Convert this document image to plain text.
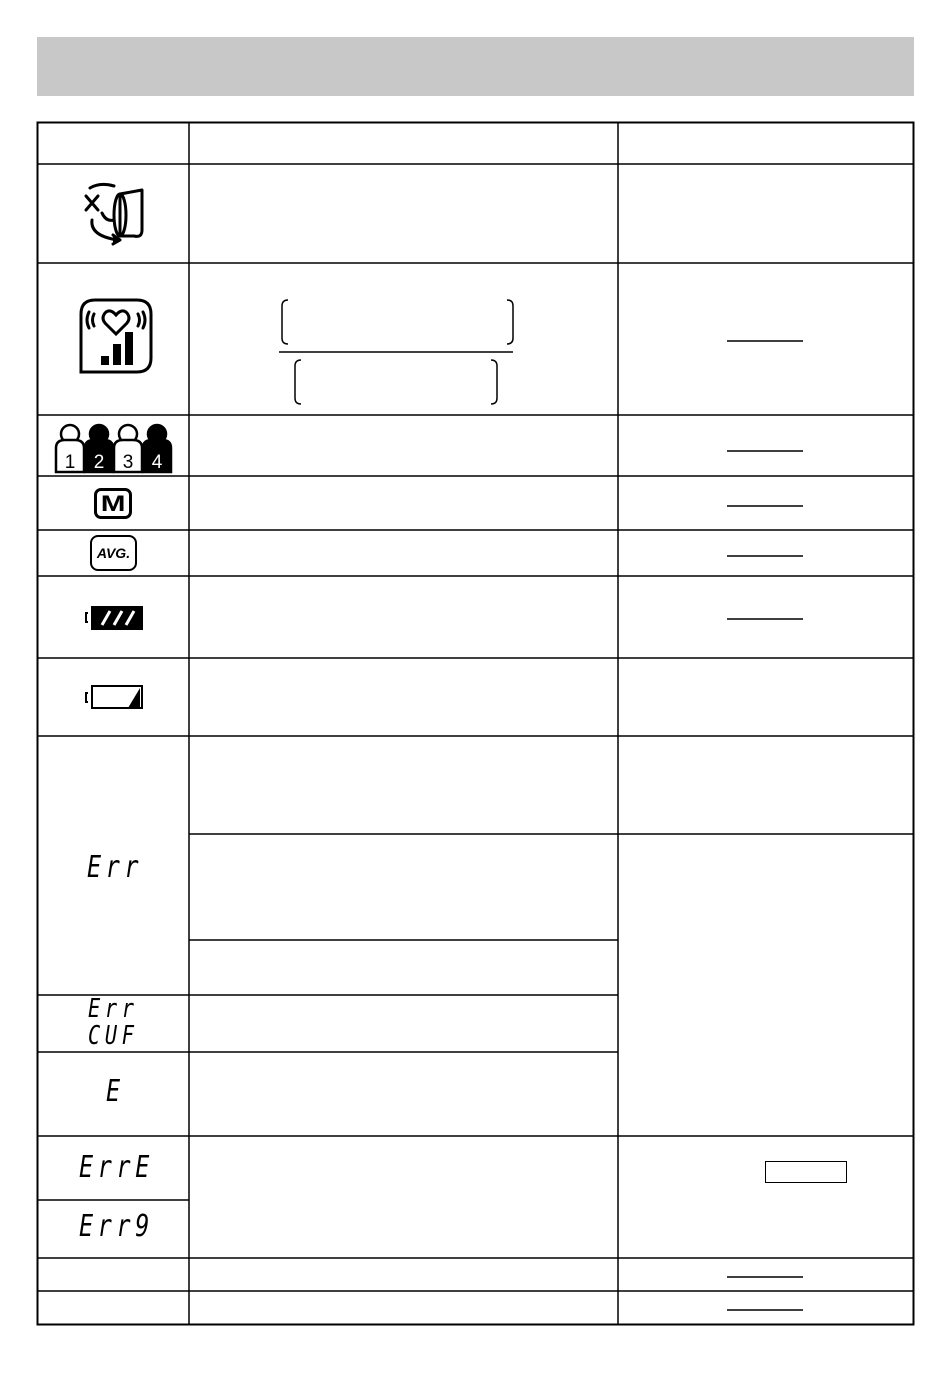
1 2 3 4
M
AVG.
Err
Err
CUF
E
ErrE
Err9
